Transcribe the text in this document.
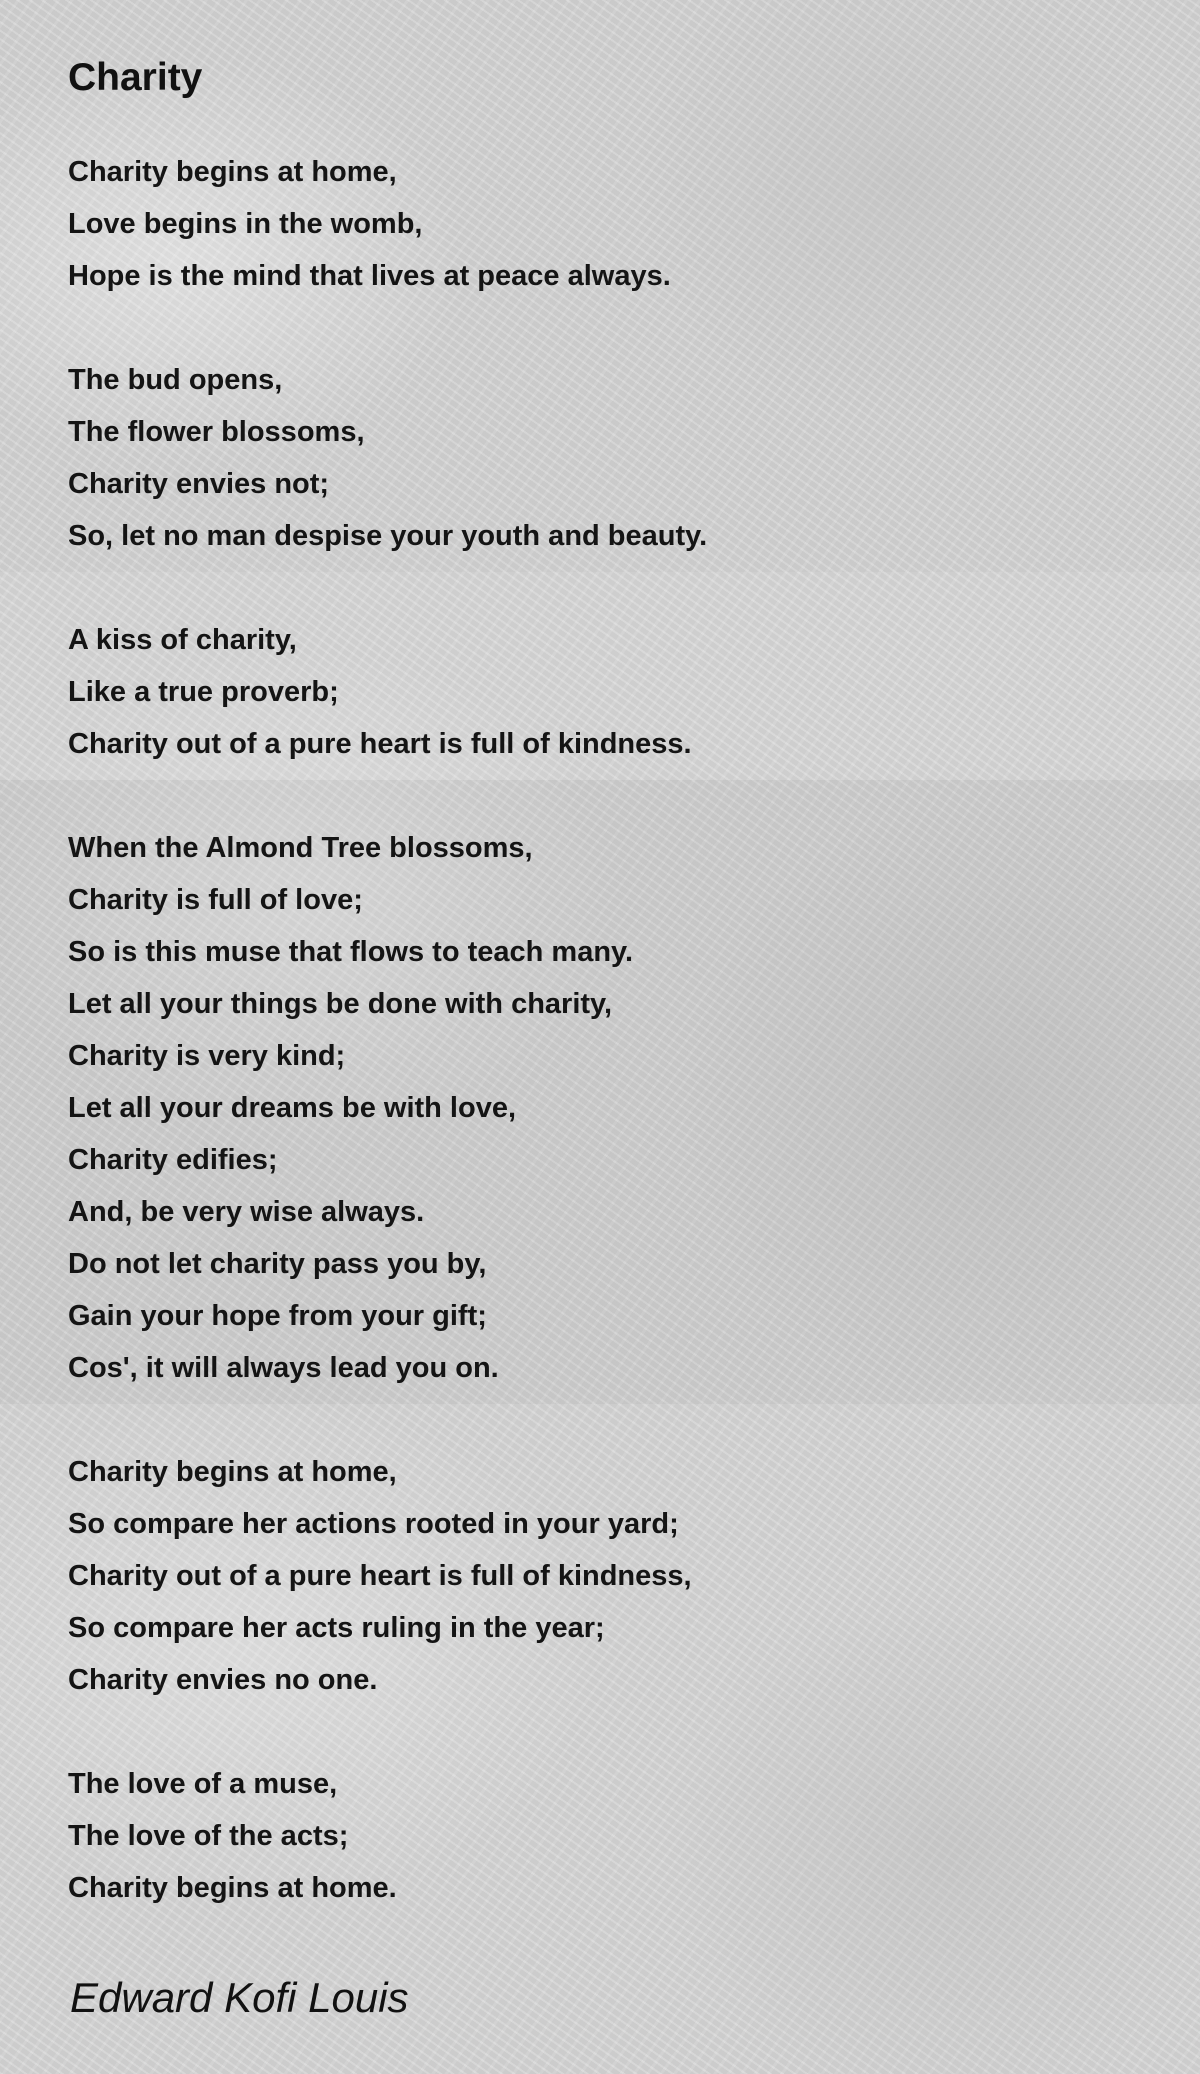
Charity
Charity begins at home,
Love begins in the womb,
Hope is the mind that lives at peace always.
The bud opens,
The flower blossoms,
Charity envies not;
So, let no man despise your youth and beauty.
A kiss of charity,
Like a true proverb;
Charity out of a pure heart is full of kindness.
When the Almond Tree blossoms,
Charity is full of love;
So is this muse that flows to teach many.
Let all your things be done with charity,
Charity is very kind;
Let all your dreams be with love,
Charity edifies;
And, be very wise always.
Do not let charity pass you by,
Gain your hope from your gift;
Cos', it will always lead you on.
Charity begins at home,
So compare her actions rooted in your yard;
Charity out of a pure heart is full of kindness,
So compare her acts ruling in the year;
Charity envies no one.
The love of a muse,
The love of the acts;
Charity begins at home.
Edward Kofi Louis
